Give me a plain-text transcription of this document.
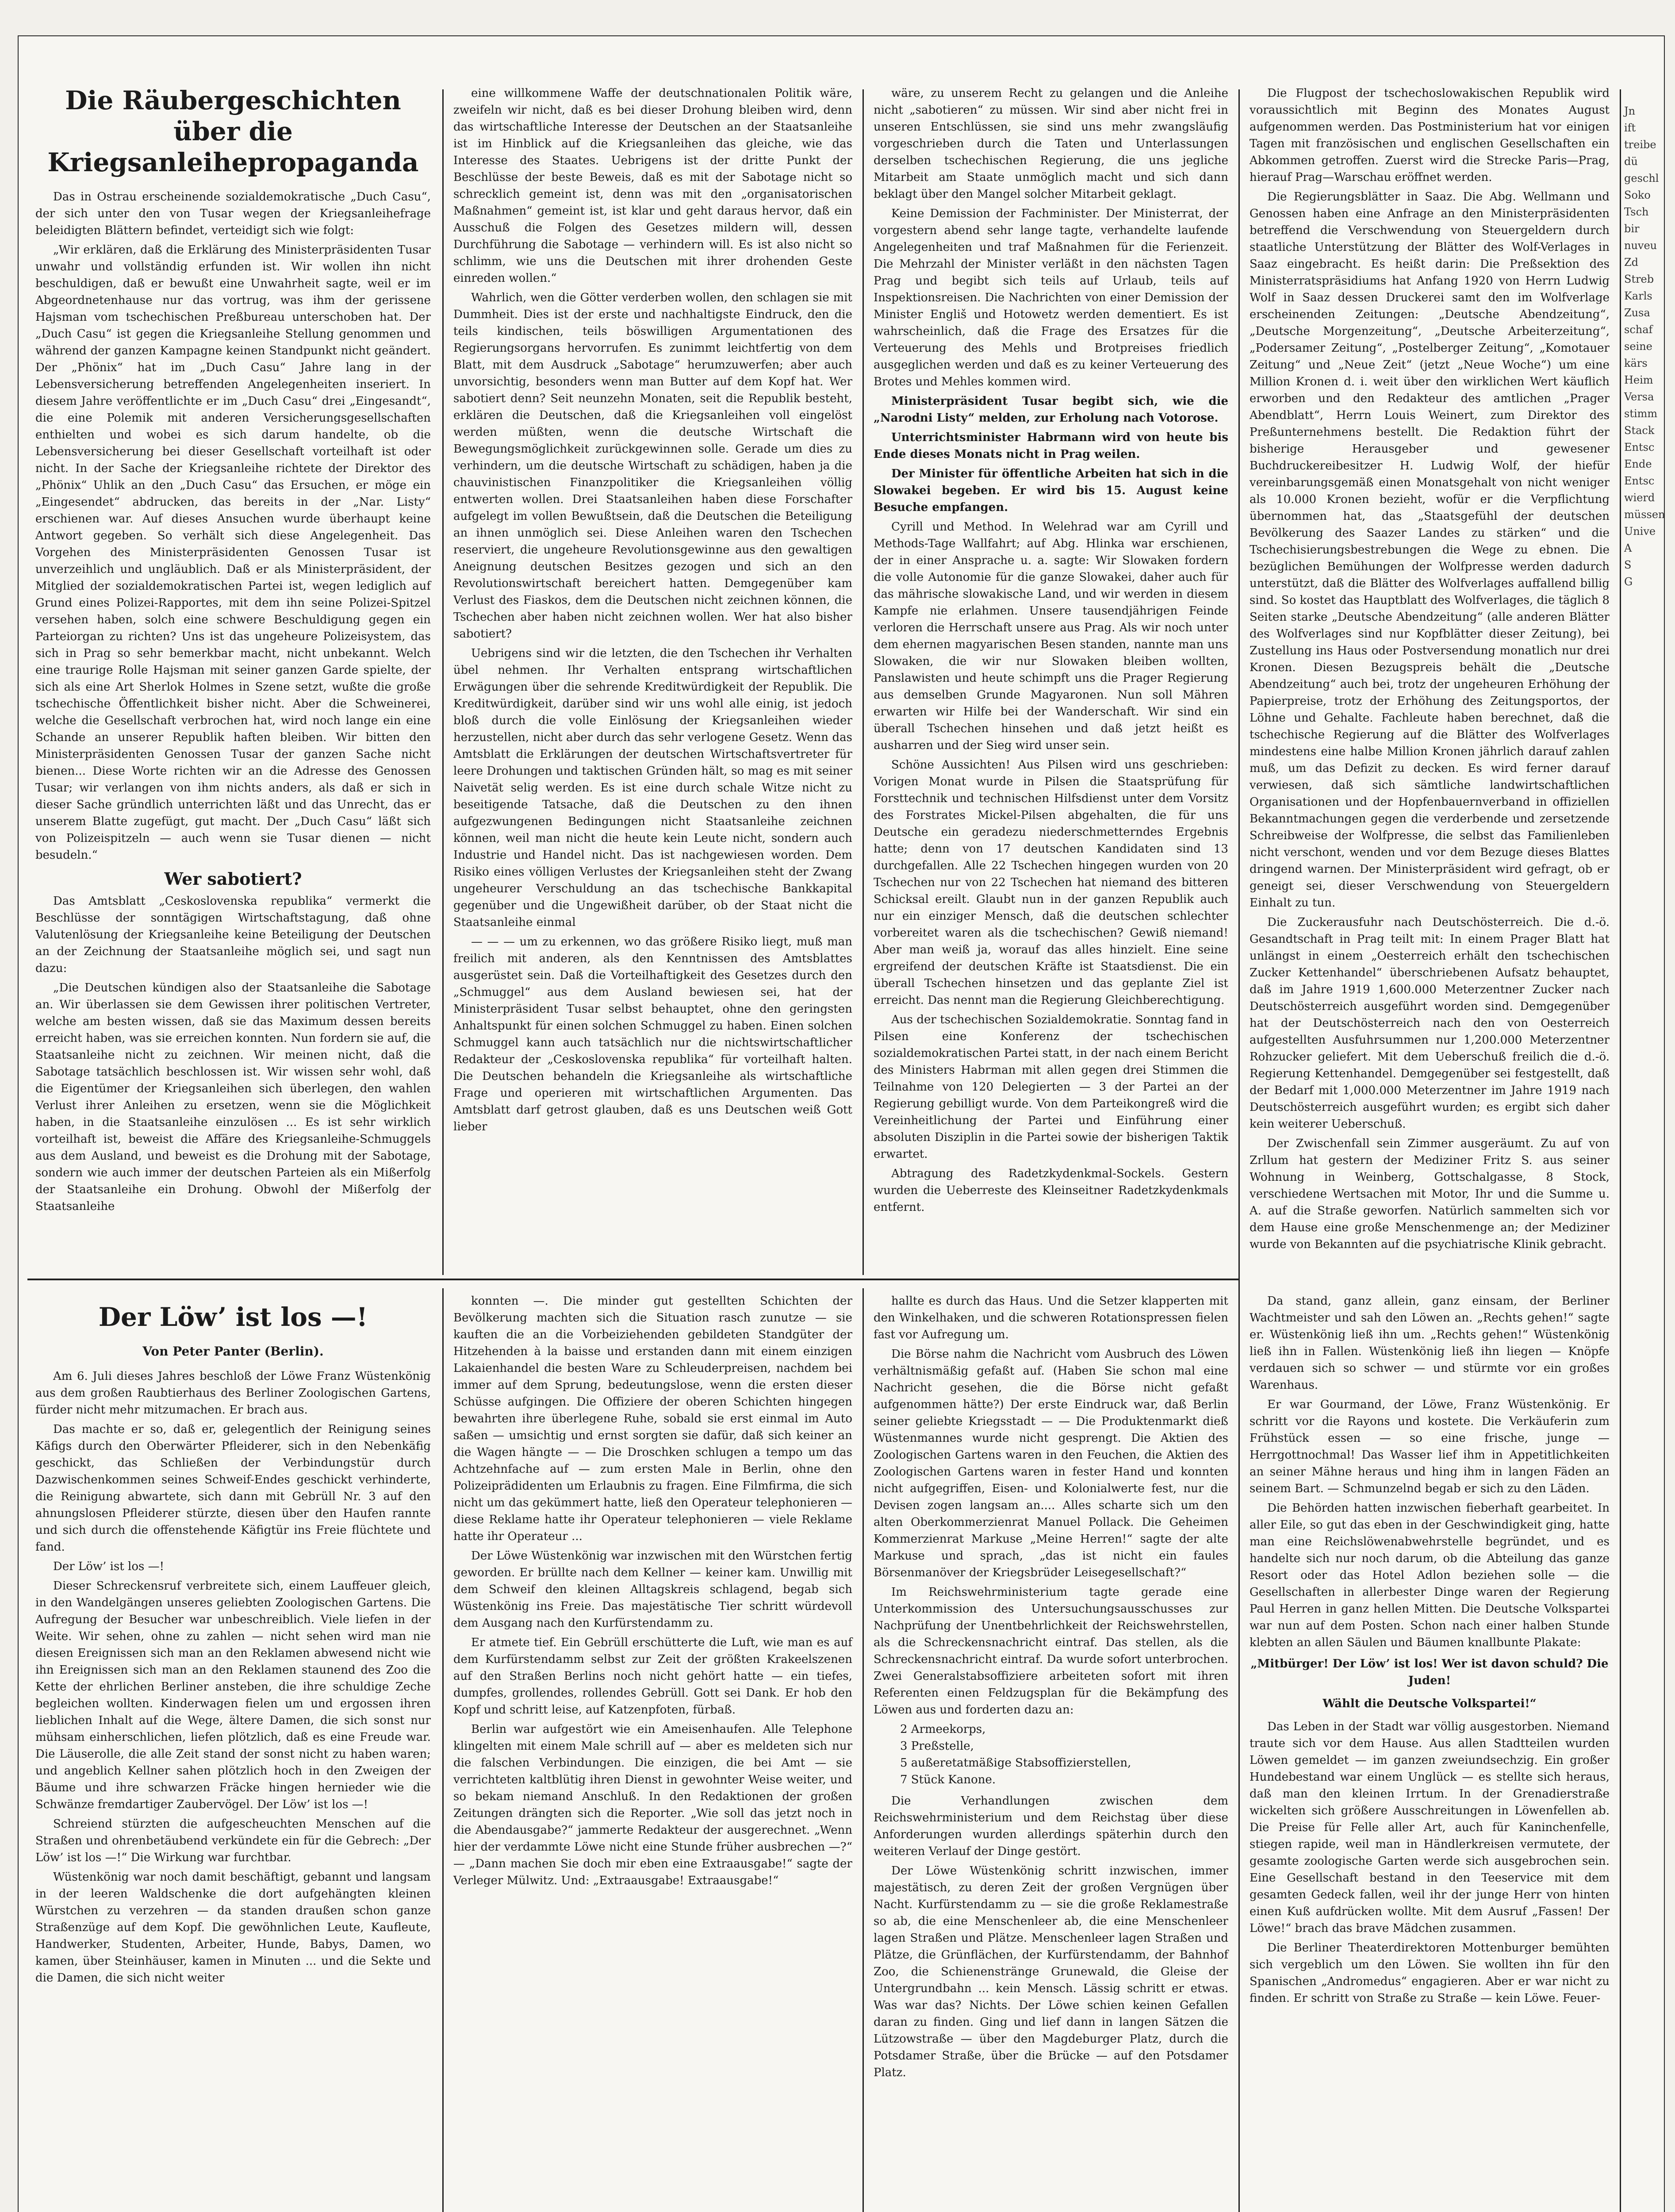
Die Räubergeschichten über die Kriegsanleihepropaganda

Das in Ostrau erscheinende sozialdemokratische „Duch Casu“, der sich unter den von Tusar wegen der Kriegsanleihefrage beleidigten Blättern befindet, verteidigt sich wie folgt:

„Wir erklären, daß die Erklärung des Ministerpräsidenten Tusar unwahr und vollständig erfunden ist. Wir wollen ihn nicht beschuldigen, daß er bewußt eine Unwahrheit sagte, weil er im Abgeordnetenhause nur das vortrug, was ihm der gerissene Hajsman vom tschechischen Preßbureau unterschoben hat. Der „Duch Casu“ ist gegen die Kriegsanleihe Stellung genommen und während der ganzen Kampagne keinen Standpunkt nicht geändert. Der „Phönix“ hat im „Duch Casu“ Jahre lang in der Lebensversicherung betreffenden Angelegenheiten inseriert. In diesem Jahre veröffentlichte er im „Duch Casu“ drei „Eingesandt“, die eine Polemik mit anderen Versicherungsgesellschaften enthielten und wobei es sich darum handelte, ob die Lebensversicherung bei dieser Gesellschaft vorteilhaft ist oder nicht. In der Sache der Kriegsanleihe richtete der Direktor des „Phönix“ Uhlik an den „Duch Casu“ das Ersuchen, er möge ein „Eingesendet“ abdrucken, das bereits in der „Nar. Listy“ erschienen war. Auf dieses Ansuchen wurde überhaupt keine Antwort gegeben. So verhält sich diese Angelegenheit. Das Vorgehen des Ministerpräsidenten Genossen Tusar ist unverzeihlich und ungläublich. Daß er als Ministerpräsident, der Mitglied der sozialdemokratischen Partei ist, wegen lediglich auf Grund eines Polizei-Rapportes, mit dem ihn seine Polizei-Spitzel versehen haben, solch eine schwere Beschuldigung gegen ein Parteiorgan zu richten? Uns ist das ungeheure Polizeisystem, das sich in Prag so sehr bemerkbar macht, nicht unbekannt. Welch eine traurige Rolle Hajsman mit seiner ganzen Garde spielte, der sich als eine Art Sherlok Holmes in Szene setzt, wußte die große tschechische Öffentlichkeit bisher nicht. Aber die Schweinerei, welche die Gesellschaft verbrochen hat, wird noch lange ein eine Schande an unserer Republik haften bleiben. Wir bitten den Ministerpräsidenten Genossen Tusar der ganzen Sache nicht bienen... Diese Worte richten wir an die Adresse des Genossen Tusar; wir verlangen von ihm nichts anders, als daß er sich in dieser Sache gründlich unterrichten läßt und das Unrecht, das er unserem Blatte zugefügt, gut macht. Der „Duch Casu“ läßt sich von Polizeispitzeln — auch wenn sie Tusar dienen — nicht besudeln.“

Wer sabotiert?

Das Amtsblatt „Ceskoslovenska republika“ vermerkt die Beschlüsse der sonntägigen Wirtschaftstagung, daß ohne Valutenlösung der Kriegsanleihe keine Beteiligung der Deutschen an der Zeichnung der Staatsanleihe möglich sei, und sagt nun dazu:

„Die Deutschen kündigen also der Staatsanleihe die Sabotage an. Wir überlassen sie dem Gewissen ihrer politischen Vertreter, welche am besten wissen, daß sie das Maximum dessen bereits erreicht haben, was sie erreichen konnten. Nun fordern sie auf, die Staatsanleihe nicht zu zeichnen. Wir meinen nicht, daß die Sabotage tatsächlich beschlossen ist. Wir wissen sehr wohl, daß die Eigentümer der Kriegsanleihen sich überlegen, den wahlen Verlust ihrer Anleihen zu ersetzen, wenn sie die Möglichkeit haben, in die Staatsanleihe einzulösen ... Es ist sehr wirklich vorteilhaft ist, beweist die Affäre des Kriegsanleihe-Schmuggels aus dem Ausland, und beweist es die Drohung mit der Sabotage, sondern wie auch immer der deutschen Parteien als ein Mißerfolg der Staatsanleihe ein Drohung. Obwohl der Mißerfolg der Staatsanleihe

eine willkommene Waffe der deutschnationalen Politik wäre, zweifeln wir nicht, daß es bei dieser Drohung bleiben wird, denn das wirtschaftliche Interesse der Deutschen an der Staatsanleihe ist im Hinblick auf die Kriegsanleihen das gleiche, wie das Interesse des Staates. Uebrigens ist der dritte Punkt der Beschlüsse der beste Beweis, daß es mit der Sabotage nicht so schrecklich gemeint ist, denn was mit den „organisatorischen Maßnahmen“ gemeint ist, ist klar und geht daraus hervor, daß ein Ausschuß die Folgen des Gesetzes mildern will, dessen Durchführung die Sabotage — verhindern will. Es ist also nicht so schlimm, wie uns die Deutschen mit ihrer drohenden Geste einreden wollen.“

Wahrlich, wen die Götter verderben wollen, den schlagen sie mit Dummheit. Dies ist der erste und nachhaltigste Eindruck, den die teils kindischen, teils böswilligen Argumentationen des Regierungsorgans hervorrufen. Es zunimmt leichtfertig von dem Blatt, mit dem Ausdruck „Sabotage“ herumzuwerfen; aber auch unvorsichtig, besonders wenn man Butter auf dem Kopf hat. Wer sabotiert denn? Seit neunzehn Monaten, seit die Republik besteht, erklären die Deutschen, daß die Kriegsanleihen voll eingelöst werden müßten, wenn die deutsche Wirtschaft die Bewegungsmöglichkeit zurückgewinnen solle. Gerade um dies zu verhindern, um die deutsche Wirtschaft zu schädigen, haben ja die chauvinistischen Finanzpolitiker die Kriegsanleihen völlig entwerten wollen. Drei Staatsanleihen haben diese Forschafter aufgelegt im vollen Bewußtsein, daß die Deutschen die Beteiligung an ihnen unmöglich sei. Diese Anleihen waren den Tschechen reserviert, die ungeheure Revolutionsgewinne aus den gewaltigen Aneignung deutschen Besitzes gezogen und sich an den Revolutionswirtschaft bereichert hatten. Demgegenüber kam Verlust des Fiaskos, dem die Deutschen nicht zeichnen können, die Tschechen aber haben nicht zeichnen wollen. Wer hat also bisher sabotiert?

Uebrigens sind wir die letzten, die den Tschechen ihr Verhalten übel nehmen. Ihr Verhalten entsprang wirtschaftlichen Erwägungen über die sehrende Kreditwürdigkeit der Republik. Die Kreditwürdigkeit, darüber sind wir uns wohl alle einig, ist jedoch bloß durch die volle Einlösung der Kriegsanleihen wieder herzustellen, nicht aber durch das sehr verlogene Gesetz. Wenn das Amtsblatt die Erklärungen der deutschen Wirtschaftsvertreter für leere Drohungen und taktischen Gründen hält, so mag es mit seiner Naivetät selig werden. Es ist eine durch schale Witze nicht zu beseitigende Tatsache, daß die Deutschen zu den ihnen aufgezwungenen Bedingungen nicht Staatsanleihe zeichnen können, weil man nicht die heute kein Leute nicht, sondern auch Industrie und Handel nicht. Das ist nachgewiesen worden. Dem Risiko eines völligen Verlustes der Kriegsanleihen steht der Zwang ungeheurer Verschuldung an das tschechische Bankkapital gegenüber und die Ungewißheit darüber, ob der Staat nicht die Staatsanleihe einmal

— — — um zu erkennen, wo das größere Risiko liegt, muß man freilich mit anderen, als den Kenntnissen des Amtsblattes ausgerüstet sein. Daß die Vorteilhaftigkeit des Gesetzes durch den „Schmuggel“ aus dem Ausland bewiesen sei, hat der Ministerpräsident Tusar selbst behauptet, ohne den geringsten Anhaltspunkt für einen solchen Schmuggel zu haben. Einen solchen Schmuggel kann auch tatsächlich nur die nichtswirtschaftlicher Redakteur der „Ceskoslovenska republika“ für vorteilhaft halten. Die Deutschen behandeln die Kriegsanleihe als wirtschaftliche Frage und operieren mit wirtschaftlichen Argumenten. Das Amtsblatt darf getrost glauben, daß es uns Deutschen weiß Gott lieber

wäre, zu unserem Recht zu gelangen und die Anleihe nicht „sabotieren“ zu müssen. Wir sind aber nicht frei in unseren Entschlüssen, sie sind uns mehr zwangsläufig vorgeschrieben durch die Taten und Unterlassungen derselben tschechischen Regierung, die uns jegliche Mitarbeit am Staate unmöglich macht und sich dann beklagt über den Mangel solcher Mitarbeit geklagt.

Keine Demission der Fachminister. Der Ministerrat, der vorgestern abend sehr lange tagte, verhandelte laufende Angelegenheiten und traf Maßnahmen für die Ferienzeit. Die Mehrzahl der Minister verläßt in den nächsten Tagen Prag und begibt sich teils auf Urlaub, teils auf Inspektionsreisen. Die Nachrichten von einer Demission der Minister Engliš und Hotowetz werden dementiert. Es ist wahrscheinlich, daß die Frage des Ersatzes für die Verteuerung des Mehls und Brotpreises friedlich ausgeglichen werden und daß es zu keiner Verteuerung des Brotes und Mehles kommen wird.

Ministerpräsident Tusar begibt sich, wie die „Narodni Listy“ melden, zur Erholung nach Votorose.

Unterrichtsminister Habrmann wird von heute bis Ende dieses Monats nicht in Prag weilen.

Der Minister für öffentliche Arbeiten hat sich in die Slowakei begeben. Er wird bis 15. August keine Besuche empfangen.

Cyrill und Method. In Welehrad war am Cyrill und Methods-Tage Wallfahrt; auf Abg. Hlinka war erschienen, der in einer Ansprache u. a. sagte: Wir Slowaken fordern die volle Autonomie für die ganze Slowakei, daher auch für das mährische slowakische Land, und wir werden in diesem Kampfe nie erlahmen. Unsere tausendjährigen Feinde verloren die Herrschaft unsere aus Prag. Als wir noch unter dem ehernen magyarischen Besen standen, nannte man uns Slowaken, die wir nur Slowaken bleiben wollten, Panslawisten und heute schimpft uns die Prager Regierung aus demselben Grunde Magyaronen. Nun soll Mähren erwarten wir Hilfe bei der Wanderschaft. Wir sind ein überall Tschechen hinsehen und daß jetzt heißt es ausharren und der Sieg wird unser sein.

Schöne Aussichten! Aus Pilsen wird uns geschrieben: Vorigen Monat wurde in Pilsen die Staatsprüfung für Forsttechnik und technischen Hilfsdienst unter dem Vorsitz des Forstrates Mickel-Pilsen abgehalten, die für uns Deutsche ein geradezu niederschmetterndes Ergebnis hatte; denn von 17 deutschen Kandidaten sind 13 durchgefallen. Alle 22 Tschechen hingegen wurden von 20 Tschechen nur von 22 Tschechen hat niemand des bitteren Schicksal ereilt. Glaubt nun in der ganzen Republik auch nur ein einziger Mensch, daß die deutschen schlechter vorbereitet waren als die tschechischen? Gewiß niemand! Aber man weiß ja, worauf das alles hinzielt. Eine seine ergreifend der deutschen Kräfte ist Staatsdienst. Die ein überall Tschechen hinsetzen und das geplante Ziel ist erreicht. Das nennt man die Regierung Gleichberechtigung.

Aus der tschechischen Sozialdemokratie. Sonntag fand in Pilsen eine Konferenz der tschechischen sozialdemokratischen Partei statt, in der nach einem Bericht des Ministers Habrman mit allen gegen drei Stimmen die Teilnahme von 120 Delegierten — 3 der Partei an der Regierung gebilligt wurde. Von dem Parteikongreß wird die Vereinheitlichung der Partei und Einführung einer absoluten Disziplin in die Partei sowie der bisherigen Taktik erwartet.

Abtragung des Radetzkydenkmal-Sockels. Gestern wurden die Ueberreste des Kleinseitner Radetzkydenkmals entfernt.

Die Flugpost der tschechoslowakischen Republik wird voraussichtlich mit Beginn des Monates August aufgenommen werden. Das Postministerium hat vor einigen Tagen mit französischen und englischen Gesellschaften ein Abkommen getroffen. Zuerst wird die Strecke Paris—Prag, hierauf Prag—Warschau eröffnet werden.

Die Regierungsblätter in Saaz. Die Abg. Wellmann und Genossen haben eine Anfrage an den Ministerpräsidenten betreffend die Verschwendung von Steuergeldern durch staatliche Unterstützung der Blätter des Wolf-Verlages in Saaz eingebracht. Es heißt darin: Die Preßsektion des Ministerratspräsidiums hat Anfang 1920 von Herrn Ludwig Wolf in Saaz dessen Druckerei samt den im Wolfverlage erscheinenden Zeitungen: „Deutsche Abendzeitung“, „Deutsche Morgenzeitung“, „Deutsche Arbeiterzeitung“, „Podersamer Zeitung“, „Postelberger Zeitung“, „Komotauer Zeitung“ und „Neue Zeit“ (jetzt „Neue Woche“) um eine Million Kronen d. i. weit über den wirklichen Wert käuflich erworben und den Redakteur des amtlichen „Prager Abendblatt“, Herrn Louis Weinert, zum Direktor des Preßunternehmens bestellt. Die Redaktion führt der bisherige Herausgeber und gewesener Buchdruckereibesitzer H. Ludwig Wolf, der hiefür vereinbarungsgemäß einen Monatsgehalt von nicht weniger als 10.000 Kronen bezieht, wofür er die Verpflichtung übernommen hat, das „Staatsgefühl der deutschen Bevölkerung des Saazer Landes zu stärken“ und die Tschechisierungsbestrebungen die Wege zu ebnen. Die bezüglichen Bemühungen der Wolfpresse werden dadurch unterstützt, daß die Blätter des Wolfverlages auffallend billig sind. So kostet das Hauptblatt des Wolfverlages, die täglich 8 Seiten starke „Deutsche Abendzeitung“ (alle anderen Blätter des Wolfverlages sind nur Kopfblätter dieser Zeitung), bei Zustellung ins Haus oder Postversendung monatlich nur drei Kronen. Diesen Bezugspreis behält die „Deutsche Abendzeitung“ auch bei, trotz der ungeheuren Erhöhung der Papierpreise, trotz der Erhöhung des Zeitungsportos, der Löhne und Gehalte. Fachleute haben berechnet, daß die tschechische Regierung auf die Blätter des Wolfverlages mindestens eine halbe Million Kronen jährlich darauf zahlen muß, um das Defizit zu decken. Es wird ferner darauf verwiesen, daß sich sämtliche landwirtschaftlichen Organisationen und der Hopfenbauernverband in offiziellen Bekanntmachungen gegen die verderbende und zersetzende Schreibweise der Wolfpresse, die selbst das Familienleben nicht verschont, wenden und vor dem Bezuge dieses Blattes dringend warnen. Der Ministerpräsident wird gefragt, ob er geneigt sei, dieser Verschwendung von Steuergeldern Einhalt zu tun.

Die Zuckerausfuhr nach Deutschösterreich. Die d.-ö. Gesandtschaft in Prag teilt mit: In einem Prager Blatt hat unlängst in einem „Oesterreich erhält den tschechischen Zucker Kettenhandel“ überschriebenen Aufsatz behauptet, daß im Jahre 1919 1,600.000 Meterzentner Zucker nach Deutschösterreich ausgeführt worden sind. Demgegenüber hat der Deutschösterreich nach den von Oesterreich aufgestellten Ausfuhrsummen nur 1,200.000 Meterzentner Rohzucker geliefert. Mit dem Ueberschuß freilich die d.-ö. Regierung Kettenhandel. Demgegenüber sei festgestellt, daß der Bedarf mit 1,000.000 Meterzentner im Jahre 1919 nach Deutschösterreich ausgeführt wurden; es ergibt sich daher kein weiterer Ueberschuß.

Der Zwischenfall sein Zimmer ausgeräumt. Zu auf von Zrllum hat gestern der Mediziner Fritz S. aus seiner Wohnung in Weinberg, Gottschalgasse, 8 Stock, verschiedene Wertsachen mit Motor, Ihr und die Summe u. A. auf die Straße geworfen. Natürlich sammelten sich vor dem Hause eine große Menschenmenge an; der Mediziner wurde von Bekannten auf die psychiatrische Klinik gebracht.

Der Löw’ ist los —!
Von Peter Panter (Berlin).

Am 6. Juli dieses Jahres beschloß der Löwe Franz Wüstenkönig aus dem großen Raubtierhaus des Berliner Zoologischen Gartens, fürder nicht mehr mitzumachen. Er brach aus.

Das machte er so, daß er, gelegentlich der Reinigung seines Käfigs durch den Oberwärter Pfleiderer, sich in den Nebenkäfig geschickt, das Schließen der Verbindungstür durch Dazwischenkommen seines Schweif-Endes geschickt verhinderte, die Reinigung abwartete, sich dann mit Gebrüll Nr. 3 auf den ahnungslosen Pfleiderer stürzte, diesen über den Haufen rannte und sich durch die offenstehende Käfigtür ins Freie flüchtete und fand.

Der Löw’ ist los —!

Dieser Schreckensruf verbreitete sich, einem Lauffeuer gleich, in den Wandelgängen unseres geliebten Zoologischen Gartens. Die Aufregung der Besucher war unbeschreiblich. Viele liefen in der Weite. Wir sehen, ohne zu zahlen — nicht sehen wird man nie diesen Ereignissen sich man an den Reklamen abwesend nicht wie ihn Ereignissen sich man an den Reklamen staunend des Zoo die Kette der ehrlichen Berliner ansteben, die ihre schuldige Zeche begleichen wollten. Kinderwagen fielen um und ergossen ihren lieblichen Inhalt auf die Wege, ältere Damen, die sich sonst nur mühsam einherschlichen, liefen plötzlich, daß es eine Freude war. Die Läuserolle, die alle Zeit stand der sonst nicht zu haben waren; und angeblich Kellner sahen plötzlich hoch in den Zweigen der Bäume und ihre schwarzen Fräcke hingen hernieder wie die Schwänze fremdartiger Zaubervögel. Der Löw’ ist los —!

Schreiend stürzten die aufgescheuchten Menschen auf die Straßen und ohrenbetäubend verkündete ein für die Gebrech: „Der Löw’ ist los —!“ Die Wirkung war furchtbar.

Wüstenkönig war noch damit beschäftigt, gebannt und langsam in der leeren Waldschenke die dort aufgehängten kleinen Würstchen zu verzehren — da standen draußen schon ganze Straßenzüge auf dem Kopf. Die gewöhnlichen Leute, Kaufleute, Handwerker, Studenten, Arbeiter, Hunde, Babys, Damen, wo kamen, über Steinhäuser, kamen in Minuten ... und die Sekte und die Damen, die sich nicht weiter

konnten —. Die minder gut gestellten Schichten der Bevölkerung machten sich die Situation rasch zunutze — sie kauften die an die Vorbeiziehenden gebildeten Standgüter der Hitzehenden à la baisse und erstanden dann mit einem einzigen Lakaienhandel die besten Ware zu Schleuderpreisen, nachdem bei immer auf dem Sprung, bedeutungslose, wenn die ersten dieser Schüsse aufgingen. Die Offiziere der oberen Schichten hingegen bewahrten ihre überlegene Ruhe, sobald sie erst einmal im Auto saßen — umsichtig und ernst sorgten sie dafür, daß sich keiner an die Wagen hängte — — Die Droschken schlugen a tempo um das Achtzehnfache auf — zum ersten Male in Berlin, ohne den Polizeiprädidenten um Erlaubnis zu fragen. Eine Filmfirma, die sich nicht um das gekümmert hatte, ließ den Operateur telephonieren — diese Reklame hatte ihr Operateur telephonieren — viele Reklame hatte ihr Operateur ...

Der Löwe Wüstenkönig war inzwischen mit den Würstchen fertig geworden. Er brüllte nach dem Kellner — keiner kam. Unwillig mit dem Schweif den kleinen Alltagskreis schlagend, begab sich Wüstenkönig ins Freie. Das majestätische Tier schritt würdevoll dem Ausgang nach den Kurfürstendamm zu.

Er atmete tief. Ein Gebrüll erschütterte die Luft, wie man es auf dem Kurfürstendamm selbst zur Zeit der größten Krakeelszenen auf den Straßen Berlins noch nicht gehört hatte — ein tiefes, dumpfes, grollendes, rollendes Gebrüll. Gott sei Dank. Er hob den Kopf und schritt leise, auf Katzenpfoten, fürbaß.

Berlin war aufgestört wie ein Ameisenhaufen. Alle Telephone klingelten mit einem Male schrill auf — aber es meldeten sich nur die falschen Verbindungen. Die einzigen, die bei Amt — sie verrichteten kaltblütig ihren Dienst in gewohnter Weise weiter, und so bekam niemand Anschluß. In den Redaktionen der großen Zeitungen drängten sich die Reporter. „Wie soll das jetzt noch in die Abendausgabe?“ jammerte Redakteur der ausgerechnet. „Wenn hier der verdammte Löwe nicht eine Stunde früher ausbrechen —?“ — „Dann machen Sie doch mir eben eine Extraausgabe!“ sagte der Verleger Mülwitz. Und: „Extraausgabe! Extraausgabe!“

hallte es durch das Haus. Und die Setzer klapperten mit den Winkelhaken, und die schweren Rotationspressen fielen fast vor Aufregung um.

Die Börse nahm die Nachricht vom Ausbruch des Löwen verhältnismäßig gefaßt auf. (Haben Sie schon mal eine Nachricht gesehen, die die Börse nicht gefaßt aufgenommen hätte?) Der erste Eindruck war, daß Berlin seiner geliebte Kriegsstadt — — Die Produktenmarkt dieß Wüstenmannes wurde nicht gesprengt. Die Aktien des Zoologischen Gartens waren in den Feuchen, die Aktien des Zoologischen Gartens waren in fester Hand und konnten nicht aufgegriffen, Eisen- und Kolonialwerte fest, nur die Devisen zogen langsam an.... Alles scharte sich um den alten Oberkommerzienrat Manuel Pollack. Die Geheimen Kommerzienrat Markuse „Meine Herren!“ sagte der alte Markuse und sprach, „das ist nicht ein faules Börsenmanöver der Kriegsbrüder Leisegesellschaft?“

Im Reichswehrministerium tagte gerade eine Unterkommission des Untersuchungsausschusses zur Nachprüfung der Unentbehrlichkeit der Reichswehrstellen, als die Schreckensnachricht eintraf. Das stellen, als die Schreckensnachricht eintraf. Da wurde sofort unterbrochen. Zwei Generalstabsoffiziere arbeiteten sofort mit ihren Referenten einen Feldzugsplan für die Bekämpfung des Löwen aus und forderten dazu an:

2 Armeekorps,
3 Preßstelle,
5 außeretatmäßige Stabsoffizierstellen,
7 Stück Kanone.

Die Verhandlungen zwischen dem Reichswehrministerium und dem Reichstag über diese Anforderungen wurden allerdings späterhin durch den weiteren Verlauf der Dinge gestört.

Der Löwe Wüstenkönig schritt inzwischen, immer majestätisch, zu deren Zeit der großen Vergnügen über Nacht. Kurfürstendamm zu — sie die große Reklamestraße so ab, die eine Menschenleer ab, die eine Menschenleer lagen Straßen und Plätze. Menschenleer lagen Straßen und Plätze, die Grünflächen, der Kurfürstendamm, der Bahnhof Zoo, die Schienenstränge Grunewald, die Gleise der Untergrundbahn ... kein Mensch. Lässig schritt er etwas. Was war das? Nichts. Der Löwe schien keinen Gefallen daran zu finden. Ging und lief dann in langen Sätzen die Lützowstraße — über den Magdeburger Platz, durch die Potsdamer Straße, über die Brücke — auf den Potsdamer Platz.

Da stand, ganz allein, ganz einsam, der Berliner Wachtmeister und sah den Löwen an. „Rechts gehen!“ sagte er. Wüstenkönig ließ ihn um. „Rechts gehen!“ Wüstenkönig ließ ihn in Fallen. Wüstenkönig ließ ihn liegen — Knöpfe verdauen sich so schwer — und stürmte vor ein großes Warenhaus.

Er war Gourmand, der Löwe, Franz Wüstenkönig. Er schritt vor die Rayons und kostete. Die Verkäuferin zum Frühstück essen — so eine frische, junge — Herrgottnochmal! Das Wasser lief ihm in Appetitlichkeiten an seiner Mähne heraus und hing ihm in langen Fäden an seinem Bart. — Schmunzelnd begab er sich zu den Läden.

Die Behörden hatten inzwischen fieberhaft gearbeitet. In aller Eile, so gut das eben in der Geschwindigkeit ging, hatte man eine Reichslöwenabwehrstelle begründet, und es handelte sich nur noch darum, ob die Abteilung das ganze Resort oder das Hotel Adlon beziehen solle — die Gesellschaften in allerbester Dinge waren der Regierung Paul Herren in ganz hellen Mitten. Die Deutsche Volkspartei war nun auf dem Posten. Schon nach einer halben Stunde klebten an allen Säulen und Bäumen knallbunte Plakate:

„Mitbürger! Der Löw’ ist los! Wer ist davon schuld? Die Juden!
Wählt die Deutsche Volkspartei!“

Das Leben in der Stadt war völlig ausgestorben. Niemand traute sich vor dem Hause. Aus allen Stadtteilen wurden Löwen gemeldet — im ganzen zweiundsechzig. Ein großer Hundebestand war einem Unglück — es stellte sich heraus, daß man den kleinen Irrtum. In der Grenadierstraße wickelten sich größere Ausschreitungen in Löwenfellen ab. Die Preise für Felle aller Art, auch für Kaninchenfelle, stiegen rapide, weil man in Händlerkreisen vermutete, der gesamte zoologische Garten werde sich ausgebrochen sein. Eine Gesellschaft bestand in den Teeservice mit dem gesamten Gedeck fallen, weil ihr der junge Herr von hinten einen Kuß aufdrücken wollte. Mit dem Ausruf „Fassen! Der Löwe!“ brach das brave Mädchen zusammen.

Die Berliner Theaterdirektoren Mottenburger bemühten sich vergeblich um den Löwen. Sie wollten ihn für den Spanischen „Andromedus“ engagieren. Aber er war nicht zu finden. Er schritt von Straße zu Straße — kein Löwe. Feuer-

Jn
ift
treibe
dü
geschl
Soko
Tsch
bir
nuveu
Zd
Streb
Karls
Zusa
schaf
seine
kärs
Heim
Versa
stimm
Stack
Entsc
Ende
Entsc
wierd
müssen
Unive
A
S
G
